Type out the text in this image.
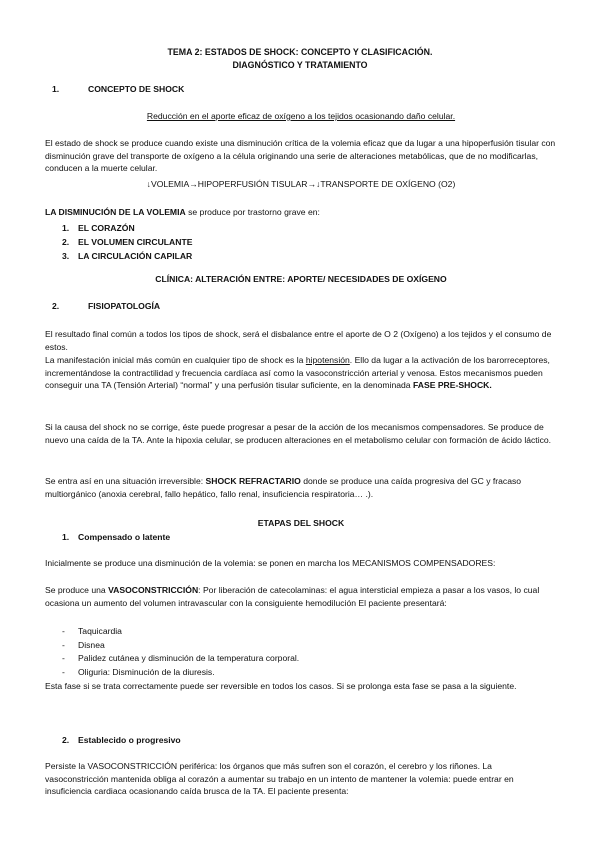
TEMA 2: ESTADOS DE SHOCK: CONCEPTO Y CLASIFICACIÓN.
DIAGNÓSTICO Y TRATAMIENTO
1.	CONCEPTO DE SHOCK

Reducción en el aporte eficaz de oxígeno a los tejidos ocasionando daño celular.

El estado de shock se produce cuando existe una disminución crítica de la volemia eficaz que da lugar a una hipoperfusión tisular con disminución grave del transporte de oxígeno a la célula originando una serie de alteraciones metabólicas, que de no modificarlas, conducen a la muerte celular.

↓VOLEMIA→HIPOPERFUSIÓN TISULAR→↓TRANSPORTE DE OXÍGENO (O2)

LA DISMINUCIÓN DE LA VOLEMIA se produce por trastorno grave en:

1. EL CORAZÓN
2. EL VOLUMEN CIRCULANTE
3. LA CIRCULACIÓN CAPILAR

CLÍNICA: ALTERACIÓN ENTRE: APORTE/ NECESIDADES DE OXÍGENO

2.	FISIOPATOLOGÍA

El resultado final común a todos los tipos de shock, será el disbalance entre el aporte de O 2 (Oxígeno) a los tejidos y el consumo de estos.

La manifestación inicial más común en cualquier tipo de shock es la hipotensión. Ello da lugar a la activación de los barorreceptores, incrementándose la contractilidad y frecuencia cardíaca así como la vasoconstricción arterial y venosa. Estos mecanismos pueden conseguir una TA (Tensión Arterial) “normal” y una perfusión tisular suficiente, en la denominada FASE PRE-SHOCK.

Si la causa del shock no se corrige, éste puede progresar a pesar de la acción de los mecanismos compensadores. Se produce de nuevo una caída de la TA. Ante la hipoxia celular, se producen alteraciones en el metabolismo celular con formación de ácido láctico.

Se entra así en una situación irreversible: SHOCK REFRACTARIO donde se produce una caída progresiva del GC y fracaso multiorgánico (anoxia cerebral, fallo hepático, fallo renal, insuficiencia respiratoria… .).

ETAPAS DEL SHOCK

1. Compensado o latente

Inicialmente se produce una disminución de la volemia: se ponen en marcha los MECANISMOS COMPENSADORES:

Se produce una VASOCONSTRICCIÓN: Por liberación de catecolaminas: el agua intersticial empieza a pasar a los vasos, lo cual ocasiona un aumento del volumen intravascular con la consiguiente hemodilución El paciente presentará:

- Taquicardia
- Disnea
- Palidez cutánea y disminución de la temperatura corporal.
- Oliguria: Disminución de la diuresis.

Esta fase si se trata correctamente puede ser reversible en todos los casos. Si se prolonga esta fase se pasa a la siguiente.

2. Establecido o progresivo

Persiste la VASOCONSTRICCIÓN periférica: los órganos que más sufren son el corazón, el cerebro y los riñones. La vasoconstricción mantenida obliga al corazón a aumentar su trabajo en un intento de mantener la volemia: puede entrar en insuficiencia cardiaca ocasionando caída brusca de la TA. El paciente presenta:
